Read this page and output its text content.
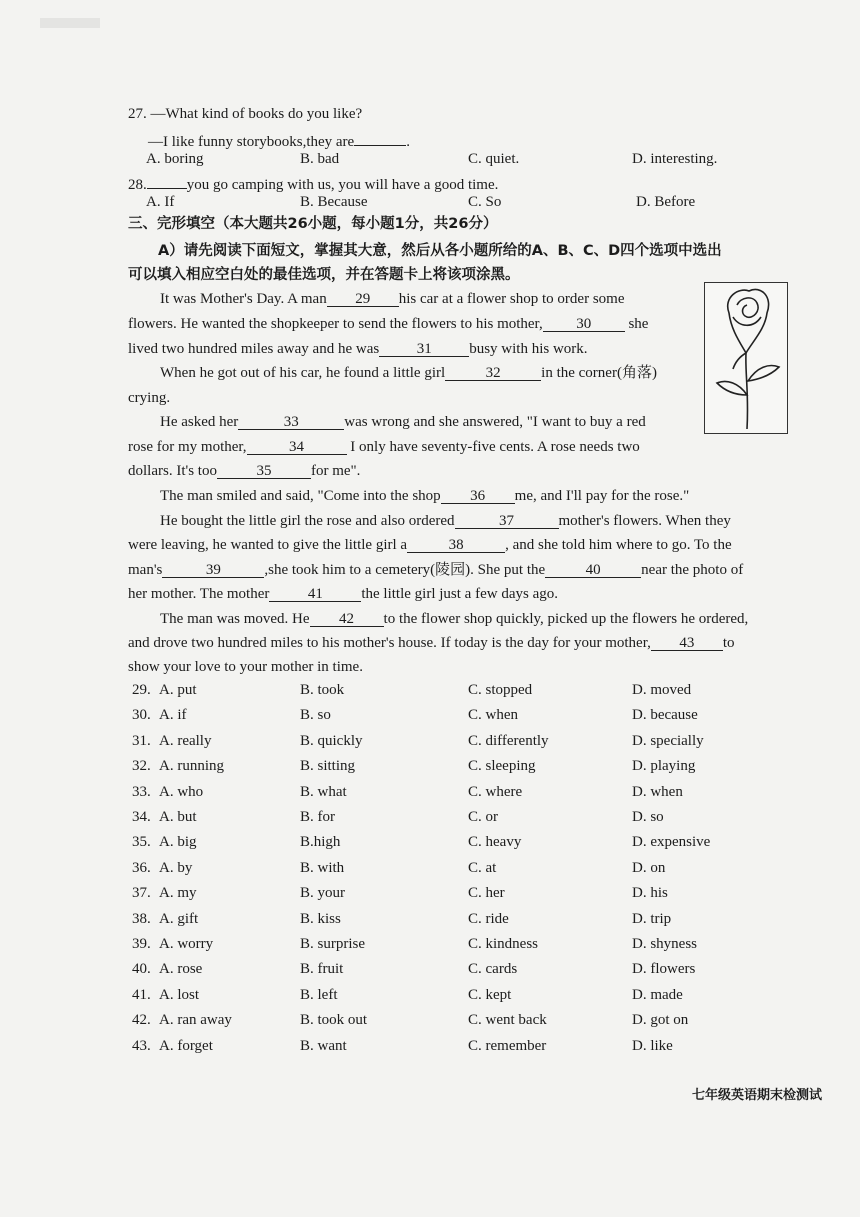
27. —What kind of books do you like?
—I like funny storybooks,they are	.
A. boring	B. bad	C. quiet.	D. interesting.
28.	you go camping with us, you will have a good time.
A. If	B. Because	C. So	D. Before
三、完形填空（本大题共26小题，每小题1分，共26分）
A）请先阅读下面短文，掌握其大意，然后从各小题所给的A、B、C、D四个选项中选出
可以填入相应空白处的最佳选项，并在答题卡上将该项涂黑。
It was Mother's Day. A man 29 his car at a flower shop to order some
flowers. He wanted the shopkeeper to send the flowers to his mother, 30 she
lived two hundred miles away and he was	31	busy with his work.
When he got out of his car, he found a little girl	32	in the corner(角落)
crying.
He asked her	33	was wrong and she answered, "I want to buy a red
rose for my mother,	34	I only have seventy-five cents. A rose needs two
dollars. It's too	35	for me".
The man smiled and said, "Come into the shop 36 me, and I'll pay for the rose."
He bought the little girl the rose and also ordered	37	mother's flowers. When they
were leaving, he wanted to give the little girl a	38	, and she told him where to go. To the
man's	39	,she took him to a cemetery(陵园). She put the	40	near the photo of
her mother. The mother	41	the little girl just a few days ago.
The man was moved. He 42 to the flower shop quickly, picked up the flowers he ordered,
and drove two hundred miles to his mother's house. If today is the day for your mother, 43 to
show your love to your mother in time.
29. A. put	B. took	C. stopped	D. moved
30. A. if	B. so	C. when	D. because
31. A. really	B. quickly	C. differently	D. specially
32. A. running	B. sitting	C. sleeping	D. playing
33. A. who	B. what	C. where	D. when
34. A. but	B. for	C. or	D. so
35. A. big	B.high	C. heavy	D. expensive
36. A. by	B. with	C. at	D. on
37. A. my	B. your	C. her	D. his
38. A. gift	B. kiss	C. ride	D. trip
39. A. worry	B. surprise	C. kindness	D. shyness
40. A. rose	B. fruit	C. cards	D. flowers
41. A. lost	B. left	C. kept	D. made
42. A. ran away	B. took out	C. went back	D. got on
43. A. forget	B. want	C. remember	D. like
七年级英语期末检测试
